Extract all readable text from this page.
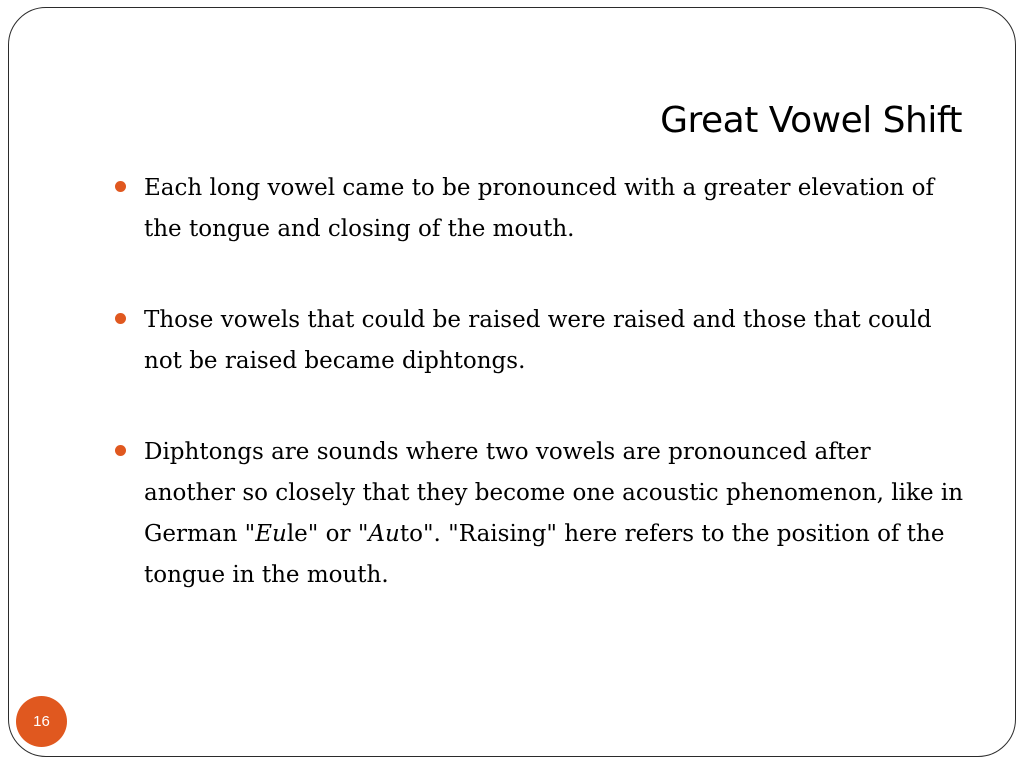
Great Vowel Shift
Each long vowel came to be pronounced with a greater elevation of the tongue and closing of the mouth.
Those vowels that could be raised were raised and those that could not be raised became diphtongs.
Diphtongs are sounds where two vowels are pronounced after another so closely that they become one acoustic phenomenon, like in German "Eule" or "Auto". "Raising" here refers to the position of the tongue in the mouth.
16
